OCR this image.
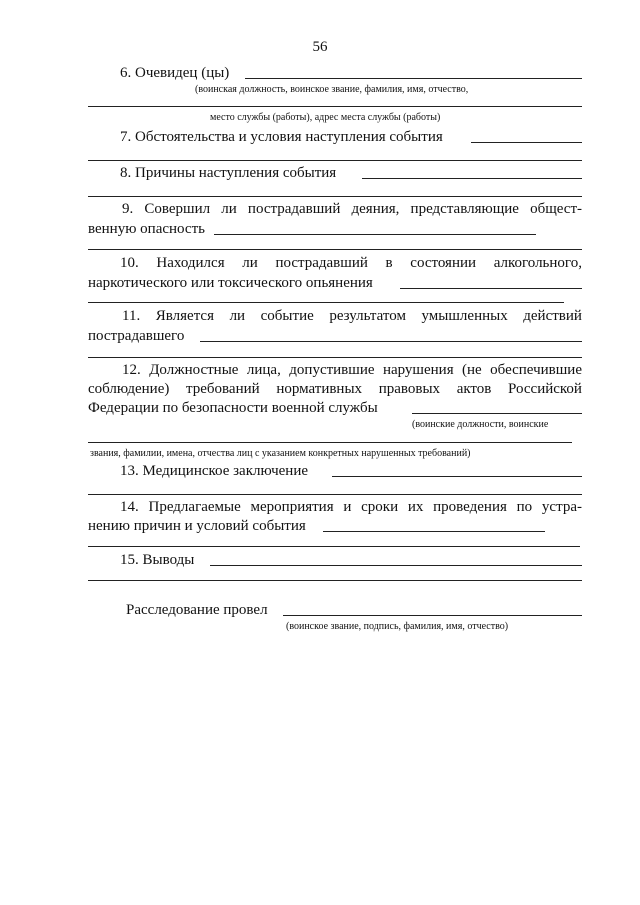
56
6. Очевидец (цы)
(воинская должность, воинское звание, фамилия, имя, отчество,
место службы (работы), адрес места службы (работы)
7. Обстоятельства и условия наступления события
8. Причины наступления события
9. Совершил ли пострадавший деяния, представляющие общест-
венную опасность
10. Находился ли пострадавший в состоянии алкогольного,
наркотического или токсического опьянения
11. Является ли событие результатом умышленных действий
пострадавшего
12. Должностные лица, допустившие нарушения (не обеспечившие
соблюдение) требований нормативных правовых актов Российской
Федерации по безопасности военной службы
(воинские должности, воинские
звания, фамилии, имена, отчества лиц с указанием конкретных нарушенных требований)
13. Медицинское заключение
14. Предлагаемые мероприятия и сроки их проведения по устра-
нению причин и условий события
15. Выводы
Расследование провел
(воинское звание, подпись, фамилия, имя, отчество)
